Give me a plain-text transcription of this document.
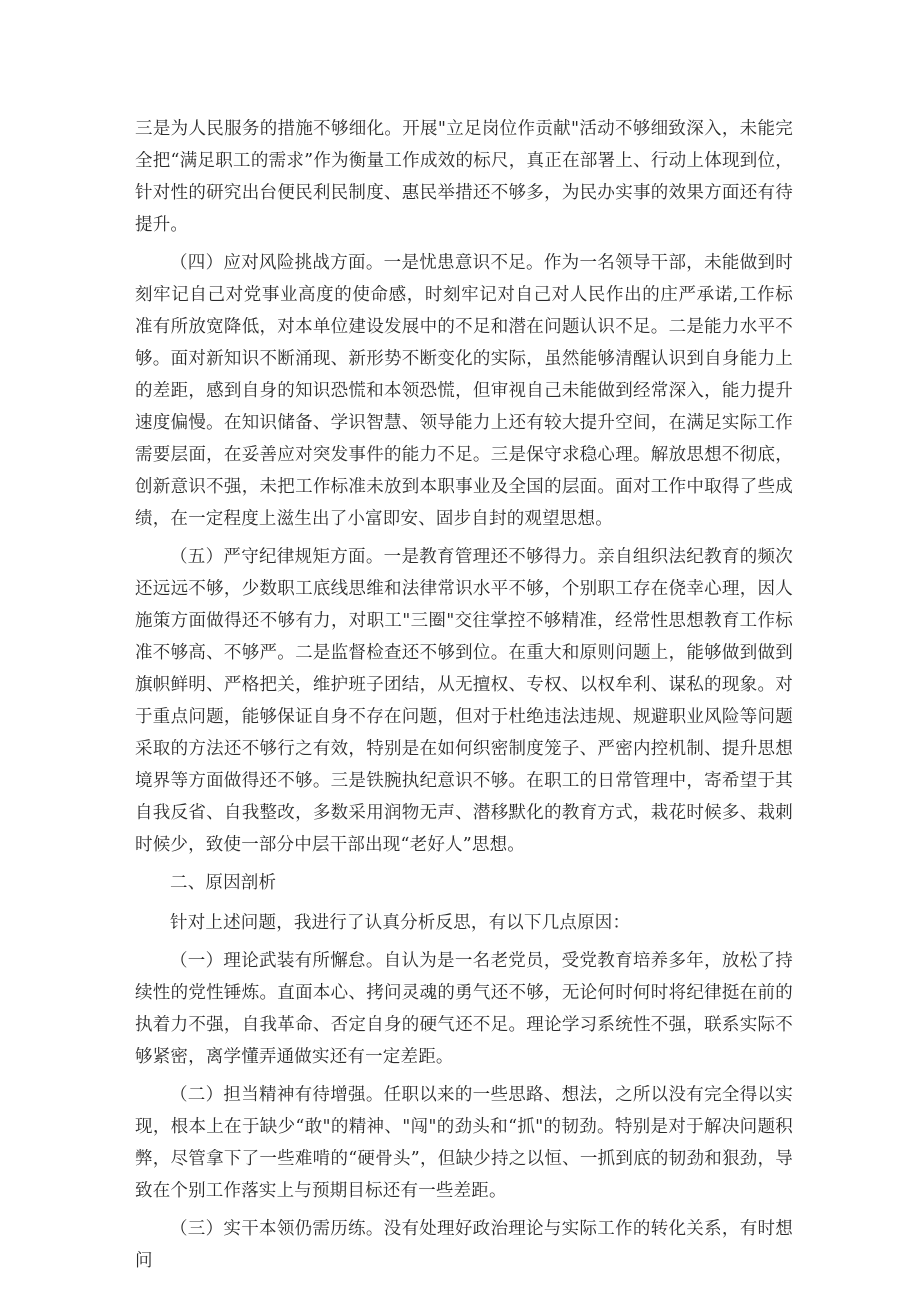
三是为人民服务的措施不够细化。开展"立足岗位作贡献"活动不够细致深入，未能完全把“满足职工的需求”作为衡量工作成效的标尺，真正在部署上、行动上体现到位，针对性的研究出台便民利民制度、惠民举措还不够多，为民办实事的效果方面还有待提升。

（四）应对风险挑战方面。一是忧患意识不足。作为一名领导干部，未能做到时刻牢记自己对党事业高度的使命感，时刻牢记对自己对人民作出的庄严承诺,工作标准有所放宽降低，对本单位建设发展中的不足和潜在问题认识不足。二是能力水平不够。面对新知识不断涌现、新形势不断变化的实际，虽然能够清醒认识到自身能力上的差距，感到自身的知识恐慌和本领恐慌，但审视自己未能做到经常深入，能力提升速度偏慢。在知识储备、学识智慧、领导能力上还有较大提升空间，在满足实际工作需要层面，在妥善应对突发事件的能力不足。三是保守求稳心理。解放思想不彻底，创新意识不强，未把工作标准未放到本职事业及全国的层面。面对工作中取得了些成绩，在一定程度上滋生出了小富即安、固步自封的观望思想。

（五）严守纪律规矩方面。一是教育管理还不够得力。亲自组织法纪教育的频次还远远不够，少数职工底线思维和法律常识水平不够，个别职工存在侥幸心理，因人施策方面做得还不够有力，对职工"三圈"交往掌控不够精准，经常性思想教育工作标准不够高、不够严。二是监督检查还不够到位。在重大和原则问题上，能够做到做到旗帜鲜明、严格把关，维护班子团结，从无擅权、专权、以权牟利、谋私的现象。对于重点问题，能够保证自身不存在问题，但对于杜绝违法违规、规避职业风险等问题采取的方法还不够行之有效，特别是在如何织密制度笼子、严密内控机制、提升思想境界等方面做得还不够。三是铁腕执纪意识不够。在职工的日常管理中，寄希望于其自我反省、自我整改，多数采用润物无声、潜移默化的教育方式，栽花时候多、栽刺时候少，致使一部分中层干部出现“老好人”思想。

二、原因剖析

针对上述问题，我进行了认真分析反思，有以下几点原因：

（一）理论武装有所懈怠。自认为是一名老党员，受党教育培养多年，放松了持续性的党性锤炼。直面本心、拷问灵魂的勇气还不够，无论何时何时将纪律挺在前的执着力不强，自我革命、否定自身的硬气还不足。理论学习系统性不强，联系实际不够紧密，离学懂弄通做实还有一定差距。

（二）担当精神有待增强。任职以来的一些思路、想法，之所以没有完全得以实现，根本上在于缺少“敢"的精神、"闯"的劲头和“抓"的韧劲。特别是对于解决问题积弊，尽管拿下了一些难啃的“硬骨头”，但缺少持之以恒、一抓到底的韧劲和狠劲，导致在个别工作落实上与预期目标还有一些差距。

（三）实干本领仍需历练。没有处理好政治理论与实际工作的转化关系，有时想问
